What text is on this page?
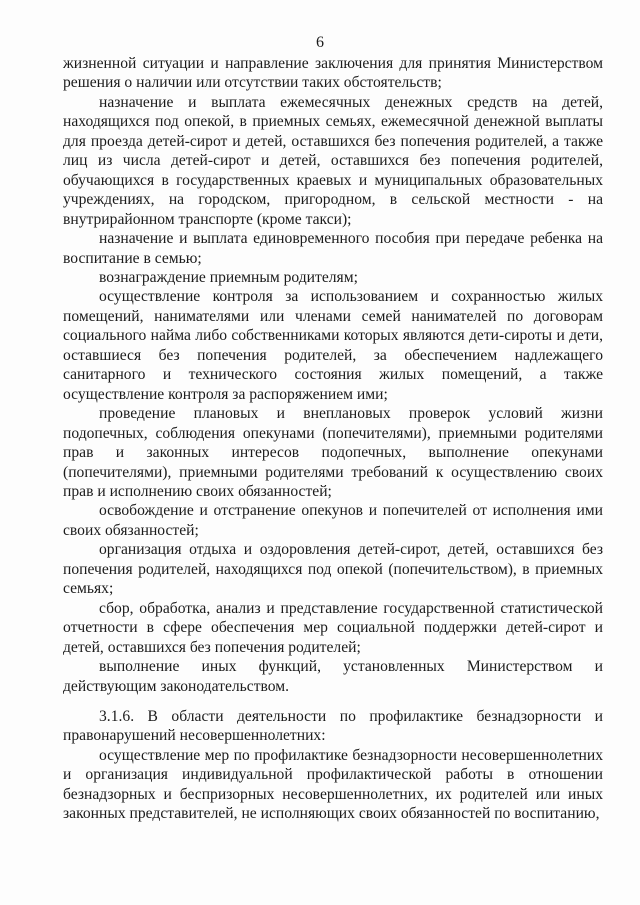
6

жизненной ситуации и направление заключения для принятия Министерством решения о наличии или отсутствии таких обстоятельств;

назначение и выплата ежемесячных денежных средств на детей, находящихся под опекой, в приемных семьях, ежемесячной денежной выплаты для проезда детей-сирот и детей, оставшихся без попечения родителей, а также лиц из числа детей-сирот и детей, оставшихся без попечения родителей, обучающихся в государственных краевых и муниципальных образовательных учреждениях, на городском, пригородном, в сельской местности - на внутрирайонном транспорте (кроме такси);

назначение и выплата единовременного пособия при передаче ребенка на воспитание в семью;

вознаграждение приемным родителям;

осуществление контроля за использованием и сохранностью жилых помещений, нанимателями или членами семей нанимателей по договорам социального найма либо собственниками которых являются дети-сироты и дети, оставшиеся без попечения родителей, за обеспечением надлежащего санитарного и технического состояния жилых помещений, а также осуществление контроля за распоряжением ими;

проведение плановых и внеплановых проверок условий жизни подопечных, соблюдения опекунами (попечителями), приемными родителями прав и законных интересов подопечных, выполнение опекунами (попечителями), приемными родителями требований к осуществлению своих прав и исполнению своих обязанностей;

освобождение и отстранение опекунов и попечителей от исполнения ими своих обязанностей;

организация отдыха и оздоровления детей-сирот, детей, оставшихся без попечения родителей, находящихся под опекой (попечительством), в приемных семьях;

сбор, обработка, анализ и представление государственной статистической отчетности в сфере обеспечения мер социальной поддержки детей-сирот и детей, оставшихся без попечения родителей;

выполнение иных функций, установленных Министерством и действующим законодательством.

3.1.6. В области деятельности по профилактике безнадзорности и правонарушений несовершеннолетних:

осуществление мер по профилактике безнадзорности несовершеннолетних и организация индивидуальной профилактической работы в отношении безнадзорных и беспризорных несовершеннолетних, их родителей или иных законных представителей, не исполняющих своих обязанностей по воспитанию,
